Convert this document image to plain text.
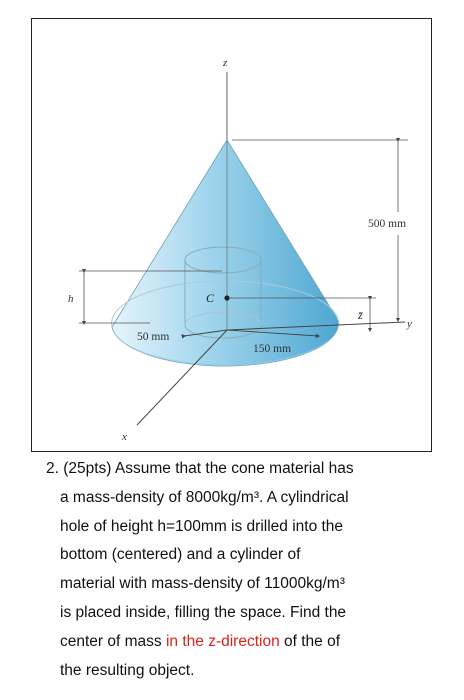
C
500 mm
z̄
h
50 mm
150 mm
z
y
x
2. (25pts) Assume that the cone material has
a mass-density of 8000kg/m³. A cylindrical
hole of height h=100mm is drilled into the
bottom (centered) and a cylinder of
material with mass-density of 11000kg/m³
is placed inside, filling the space. Find the
center of mass in the z-direction of the of
the resulting object.
